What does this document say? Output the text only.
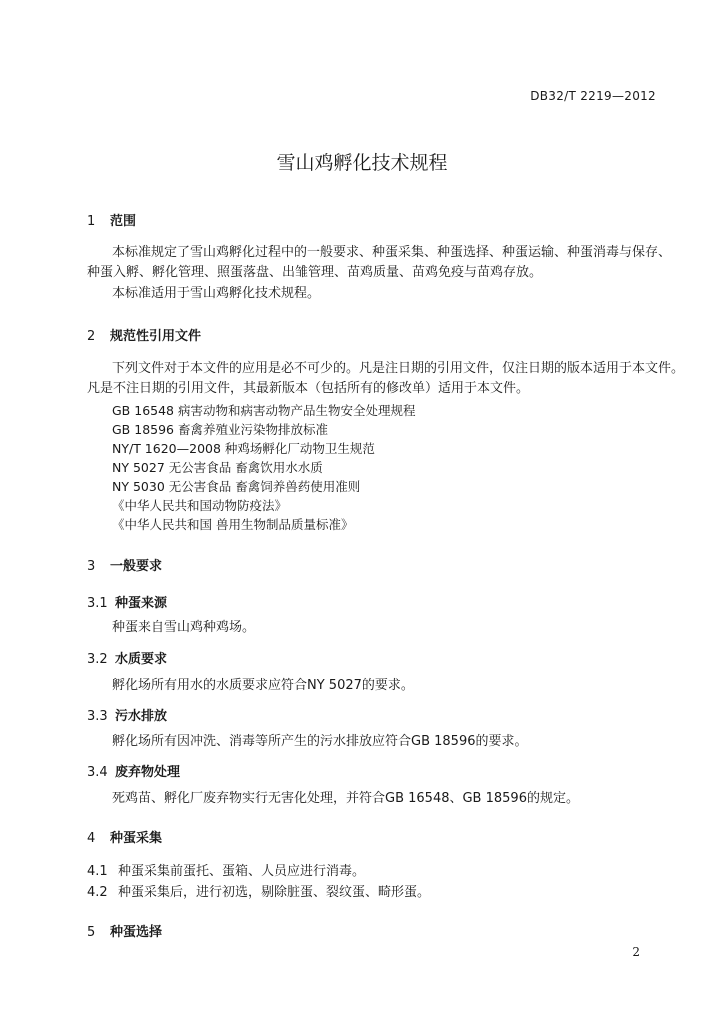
DB32/T 2219—2012
雪山鸡孵化技术规程
1 范围
本标准规定了雪山鸡孵化过程中的一般要求、种蛋采集、种蛋选择、种蛋运输、种蛋消毒与保存、
种蛋入孵、孵化管理、照蛋落盘、出雏管理、苗鸡质量、苗鸡免疫与苗鸡存放。
本标准适用于雪山鸡孵化技术规程。
2 规范性引用文件
下列文件对于本文件的应用是必不可少的。凡是注日期的引用文件，仅注日期的版本适用于本文件。
凡是不注日期的引用文件，其最新版本（包括所有的修改单）适用于本文件。
GB 16548 病害动物和病害动物产品生物安全处理规程
GB 18596 畜禽养殖业污染物排放标准
NY/T 1620—2008 种鸡场孵化厂动物卫生规范
NY 5027 无公害食品 畜禽饮用水水质
NY 5030 无公害食品 畜禽饲养兽药使用准则
《中华人民共和国动物防疫法》
《中华人民共和国 兽用生物制品质量标准》
3 一般要求
3.1 种蛋来源
种蛋来自雪山鸡种鸡场。
3.2 水质要求
孵化场所有用水的水质要求应符合NY 5027的要求。
3.3 污水排放
孵化场所有因冲洗、消毒等所产生的污水排放应符合GB 18596的要求。
3.4 废弃物处理
死鸡苗、孵化厂废弃物实行无害化处理，并符合GB 16548、GB 18596的规定。
4 种蛋采集
4.1 种蛋采集前蛋托、蛋箱、人员应进行消毒。
4.2 种蛋采集后，进行初选，剔除脏蛋、裂纹蛋、畸形蛋。
5 种蛋选择
2
